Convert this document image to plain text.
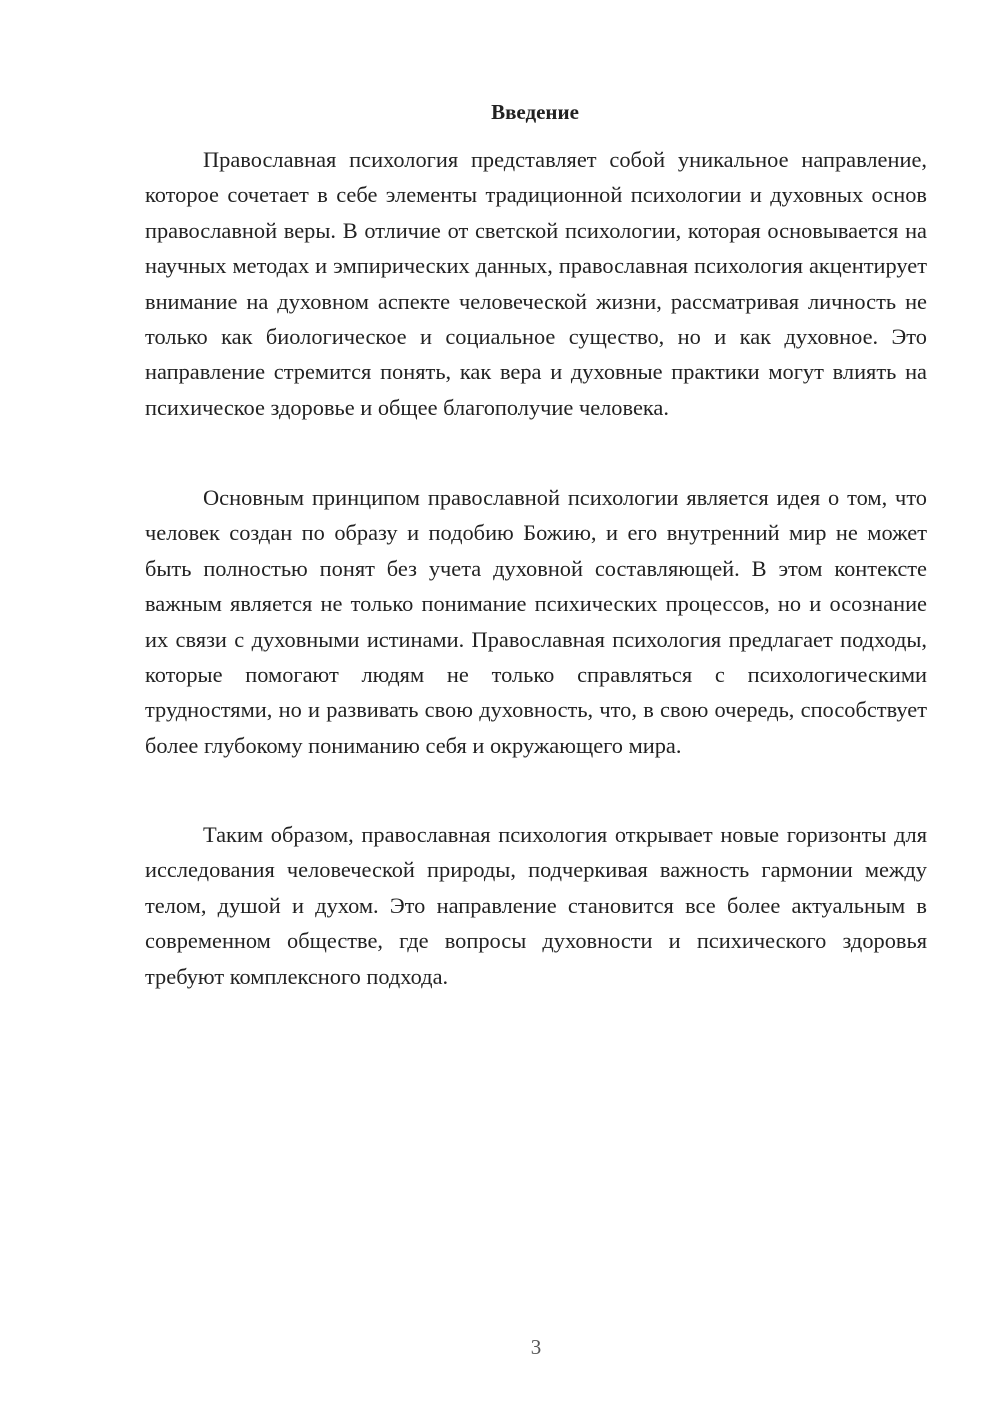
Введение

Православная психология представляет собой уникальное направление, которое сочетает в себе элементы традиционной психологии и духовных основ православной веры. В отличие от светской психологии, которая основывается на научных методах и эмпирических данных, православная психология акцентирует внимание на духовном аспекте человеческой жизни, рассматривая личность не только как биологическое и социальное существо, но и как духовное. Это направление стремится понять, как вера и духовные практики могут влиять на психическое здоровье и общее благополучие человека.

Основным принципом православной психологии является идея о том, что человек создан по образу и подобию Божию, и его внутренний мир не может быть полностью понят без учета духовной составляющей. В этом контексте важным является не только понимание психических процессов, но и осознание их связи с духовными истинами. Православная психология предлагает подходы, которые помогают людям не только справляться с психологическими трудностями, но и развивать свою духовность, что, в свою очередь, способствует более глубокому пониманию себя и окружающего мира.

Таким образом, православная психология открывает новые горизонты для исследования человеческой природы, подчеркивая важность гармонии между телом, душой и духом. Это направление становится все более актуальным в современном обществе, где вопросы духовности и психического здоровья требуют комплексного подхода.

3
